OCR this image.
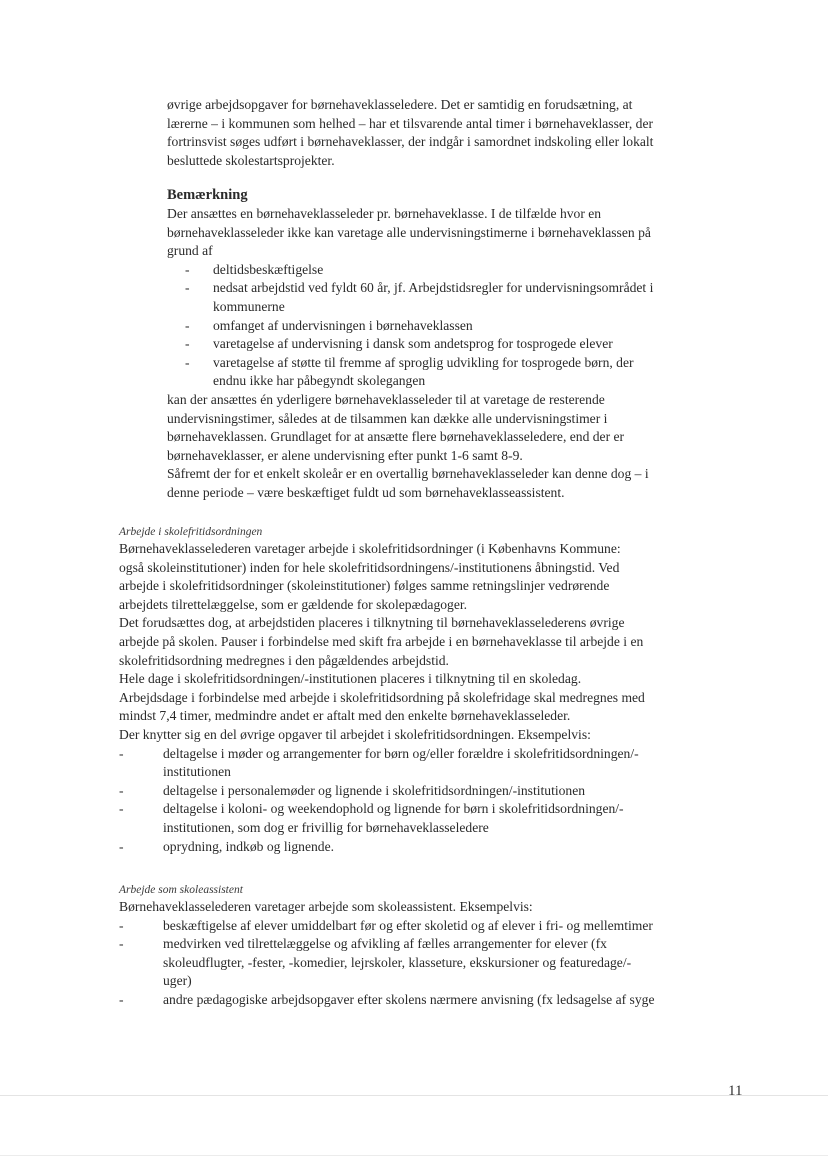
øvrige arbejdsopgaver for børnehaveklasseledere. Det er samtidig en forudsætning, at

lærerne – i kommunen som helhed – har et tilsvarende antal timer i børnehaveklasser, der

fortrinsvist søges udført i børnehaveklasser, der indgår i samordnet indskoling eller lokalt

besluttede skolestartsprojekter.

Bemærkning

Der ansættes en børnehaveklasseleder pr. børnehaveklasse. I de tilfælde hvor en

børnehaveklasseleder ikke kan varetage alle undervisningstimerne i børnehaveklassen på

grund af

- deltidsbeskæftigelse
- nedsat arbejdstid ved fyldt 60 år, jf. Arbejdstidsregler for undervisningsområdet i
kommunerne
- omfanget af undervisningen i børnehaveklassen
- varetagelse af undervisning i dansk som andetsprog for tosprogede elever
- varetagelse af støtte til fremme af sproglig udvikling for tosprogede børn, der
endnu ikke har påbegyndt skolegangen

kan der ansættes én yderligere børnehaveklasseleder til at varetage de resterende

undervisningstimer, således at de tilsammen kan dække alle undervisningstimer i

børnehaveklassen. Grundlaget for at ansætte flere børnehaveklasseledere, end der er

børnehaveklasser, er alene undervisning efter punkt 1-6 samt 8-9.

Såfremt der for et enkelt skoleår er en overtallig børnehaveklasseleder kan denne dog – i

denne periode – være beskæftiget fuldt ud som børnehaveklasseassistent.

Arbejde i skolefritidsordningen

Børnehaveklasselederen varetager arbejde i skolefritidsordninger (i Københavns Kommune:

også skoleinstitutioner) inden for hele skolefritidsordningens/-institutionens åbningstid. Ved

arbejde i skolefritidsordninger (skoleinstitutioner) følges samme retningslinjer vedrørende

arbejdets tilrettelæggelse, som er gældende for skolepædagoger.

Det forudsættes dog, at arbejdstiden placeres i tilknytning til børnehaveklasselederens øvrige

arbejde på skolen. Pauser i forbindelse med skift fra arbejde i en børnehaveklasse til arbejde i en

skolefritidsordning medregnes i den pågældendes arbejdstid.

Hele dage i skolefritidsordningen/-institutionen placeres i tilknytning til en skoledag.

Arbejdsdage i forbindelse med arbejde i skolefritidsordning på skolefridage skal medregnes med

mindst 7,4 timer, medmindre andet er aftalt med den enkelte børnehaveklasseleder.

Der knytter sig en del øvrige opgaver til arbejdet i skolefritidsordningen. Eksempelvis:

-	deltagelse i møder og arrangementer for børn og/eller forældre i skolefritidsordningen/-
institutionen
-	deltagelse i personalemøder og lignende i skolefritidsordningen/-institutionen
-	deltagelse i koloni- og weekendophold og lignende for børn i skolefritidsordningen/-
institutionen, som dog er frivillig for børnehaveklasseledere
-	oprydning, indkøb og lignende.

Arbejde som skoleassistent

Børnehaveklasselederen varetager arbejde som skoleassistent. Eksempelvis:

-	beskæftigelse af elever umiddelbart før og efter skoletid og af elever i fri- og mellemtimer
-	medvirken ved tilrettelæggelse og afvikling af fælles arrangementer for elever (fx
skoleudflugter, -fester, -komedier, lejrskoler, klasseture, ekskursioner og featuredage/-
uger)
-	andre pædagogiske arbejdsopgaver efter skolens nærmere anvisning (fx ledsagelse af syge
11
